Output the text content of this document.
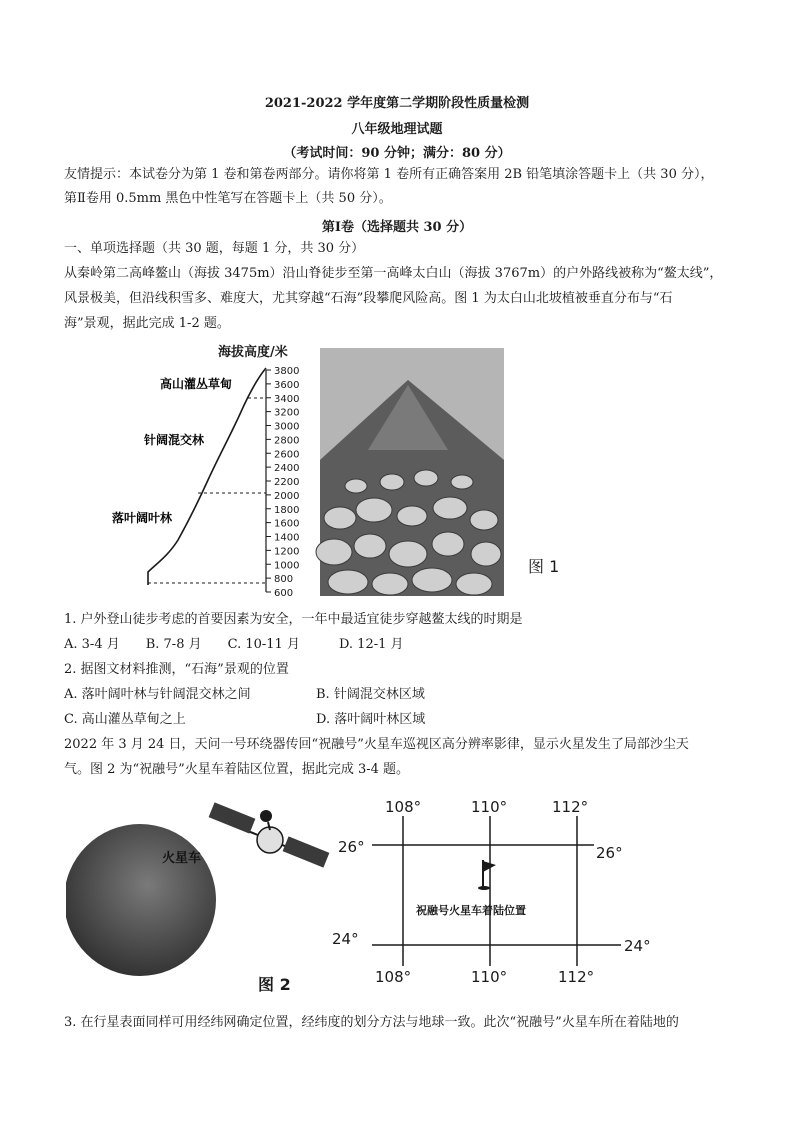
2021-2022 学年度第二学期阶段性质量检测
八年级地理试题
（考试时间：90 分钟；满分：80 分）
友情提示：本试卷分为第 1 卷和第卷两部分。请你将第 1 卷所有正确答案用 2B 铅笔填涂答题卡上（共 30 分），
第Ⅱ卷用 0.5mm 黑色中性笔写在答题卡上（共 50 分）。
第Ⅰ卷（选择题共 30 分）
一、单项选择题（共 30 题，每题 1 分，共 30 分）
从秦岭第二高峰鳌山（海拔 3475m）沿山脊徒步至第一高峰太白山（海拔 3767m）的户外路线被称为“鳌太线”，
风景极美，但沿线积雪多、难度大，尤其穿越“石海”段攀爬风险高。图 1 为太白山北坡植被垂直分布与“石
海”景观，据此完成 1-2 题。
海拔高度/米
3800
3600
3400
3200
3000
2800
2600
2400
2200
2000
1800
1600
1400
1200
1000
800
600
高山灌丛草甸
针阔混交林
落叶阔叶林
图 1
1. 户外登山徒步考虑的首要因素为安全，一年中最适宜徒步穿越鳌太线的时期是
A. 3-4 月　　B. 7-8 月　　C. 10-11 月　　　D. 12-1 月
2. 据图文材料推测，“石海”景观的位置
A. 落叶阔叶林与针阔混交林之间	B. 针阔混交林区域
C. 高山灌丛草甸之上	D. 落叶阔叶林区域
2022 年 3 月 24 日，天问一号环绕器传回“祝融号”火星车巡视区高分辨率影律，显示火星发生了局部沙尘天
气。图 2 为“祝融号”火星车着陆区位置，据此完成 3-4 题。
火星车
108°	110°	112°
108°	110°	112°
26°	26°
24°	24°
祝融号火星车着陆位置
图 2
3. 在行星表面同样可用经纬网确定位置，经纬度的划分方法与地球一致。此次“祝融号”火星车所在着陆地的
